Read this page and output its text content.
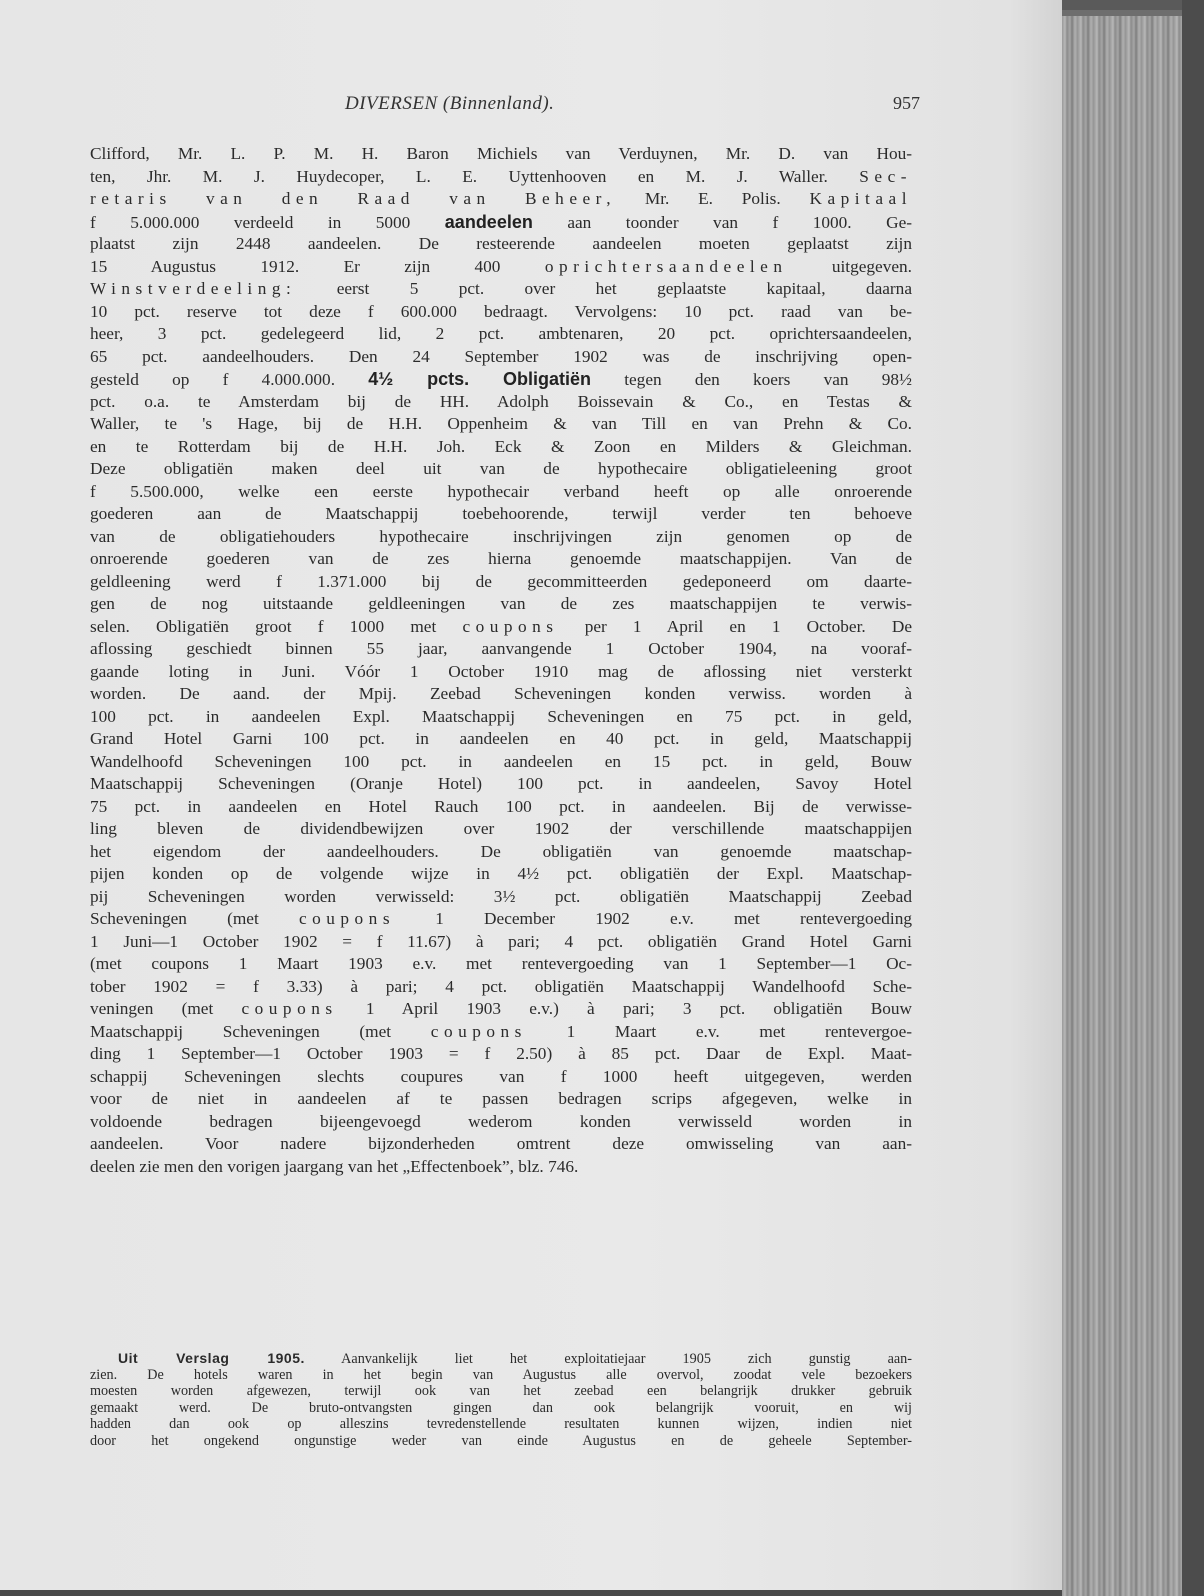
DIVERSEN (Binnenland).	957
Clifford, Mr. L. P. M. H. Baron Michiels van Verduynen, Mr. D. van Hou-
ten, Jhr. M. J. Huydecoper, L. E. Uyttenhooven en M. J. Waller. Sec-
retaris van den Raad van Beheer, Mr. E. Polis. Kapitaal
f 5.000.000 verdeeld in 5000 aandeelen aan toonder van f 1000. Ge-
plaatst zijn 2448 aandeelen. De resteerende aandeelen moeten geplaatst zijn
15 Augustus 1912. Er zijn 400 oprichtersaandeelen uitgegeven.
Winstverdeeling: eerst 5 pct. over het geplaatste kapitaal, daarna
10 pct. reserve tot deze f 600.000 bedraagt. Vervolgens: 10 pct. raad van be-
heer, 3 pct. gedelegeerd lid, 2 pct. ambtenaren, 20 pct. oprichtersaandeelen,
65 pct. aandeelhouders. Den 24 September 1902 was de inschrijving open-
gesteld op f 4.000.000. 4½ pcts. Obligatiën tegen den koers van 98½
pct. o.a. te Amsterdam bij de HH. Adolph Boissevain & Co., en Testas &
Waller, te 's Hage, bij de H.H. Oppenheim & van Till en van Prehn & Co.
en te Rotterdam bij de H.H. Joh. Eck & Zoon en Milders & Gleichman.
Deze obligatiën maken deel uit van de hypothecaire obligatieleening groot
f 5.500.000, welke een eerste hypothecair verband heeft op alle onroerende
goederen aan de Maatschappij toebehoorende, terwijl verder ten behoeve
van de obligatiehouders hypothecaire inschrijvingen zijn genomen op de
onroerende goederen van de zes hierna genoemde maatschappijen. Van de
geldleening werd f 1.371.000 bij de gecommitteerden gedeponeerd om daarte-
gen de nog uitstaande geldleeningen van de zes maatschappijen te verwis-
selen. Obligatiën groot f 1000 met coupons per 1 April en 1 October. De
aflossing geschiedt binnen 55 jaar, aanvangende 1 October 1904, na vooraf-
gaande loting in Juni. Vóór 1 October 1910 mag de aflossing niet versterkt
worden. De aand. der Mpij. Zeebad Scheveningen konden verwiss. worden à
100 pct. in aandeelen Expl. Maatschappij Scheveningen en 75 pct. in geld,
Grand Hotel Garni 100 pct. in aandeelen en 40 pct. in geld, Maatschappij
Wandelhoofd Scheveningen 100 pct. in aandeelen en 15 pct. in geld, Bouw
Maatschappij Scheveningen (Oranje Hotel) 100 pct. in aandeelen, Savoy Hotel
75 pct. in aandeelen en Hotel Rauch 100 pct. in aandeelen. Bij de verwisse-
ling bleven de dividendbewijzen over 1902 der verschillende maatschappijen
het eigendom der aandeelhouders. De obligatiën van genoemde maatschap-
pijen konden op de volgende wijze in 4½ pct. obligatiën der Expl. Maatschap-
pij Scheveningen worden verwisseld: 3½ pct. obligatiën Maatschappij Zeebad
Scheveningen (met coupons 1 December 1902 e.v. met rentevergoeding
1 Juni—1 October 1902 = f 11.67) à pari; 4 pct. obligatiën Grand Hotel Garni
(met coupons 1 Maart 1903 e.v. met rentevergoeding van 1 September—1 Oc-
tober 1902 = f 3.33) à pari; 4 pct. obligatiën Maatschappij Wandelhoofd Sche-
veningen (met coupons 1 April 1903 e.v.) à pari; 3 pct. obligatiën Bouw
Maatschappij Scheveningen (met coupons 1 Maart e.v. met rentevergoe-
ding 1 September—1 October 1903 = f 2.50) à 85 pct. Daar de Expl. Maat-
schappij Scheveningen slechts coupures van f 1000 heeft uitgegeven, werden
voor de niet in aandeelen af te passen bedragen scrips afgegeven, welke in
voldoende bedragen bijeengevoegd wederom konden verwisseld worden in
aandeelen. Voor nadere bijzonderheden omtrent deze omwisseling van aan-
deelen zie men den vorigen jaargang van het „Effectenboek”, blz. 746.
Uit Verslag 1905. Aanvankelijk liet het exploitatiejaar 1905 zich gunstig aan-
zien. De hotels waren in het begin van Augustus alle overvol, zoodat vele bezoekers
moesten worden afgewezen, terwijl ook van het zeebad een belangrijk drukker gebruik
gemaakt werd. De bruto-ontvangsten gingen dan ook belangrijk vooruit, en wij
hadden dan ook op alleszins tevredenstellende resultaten kunnen wijzen, indien niet
door het ongekend ongunstige weder van einde Augustus en de geheele September-
